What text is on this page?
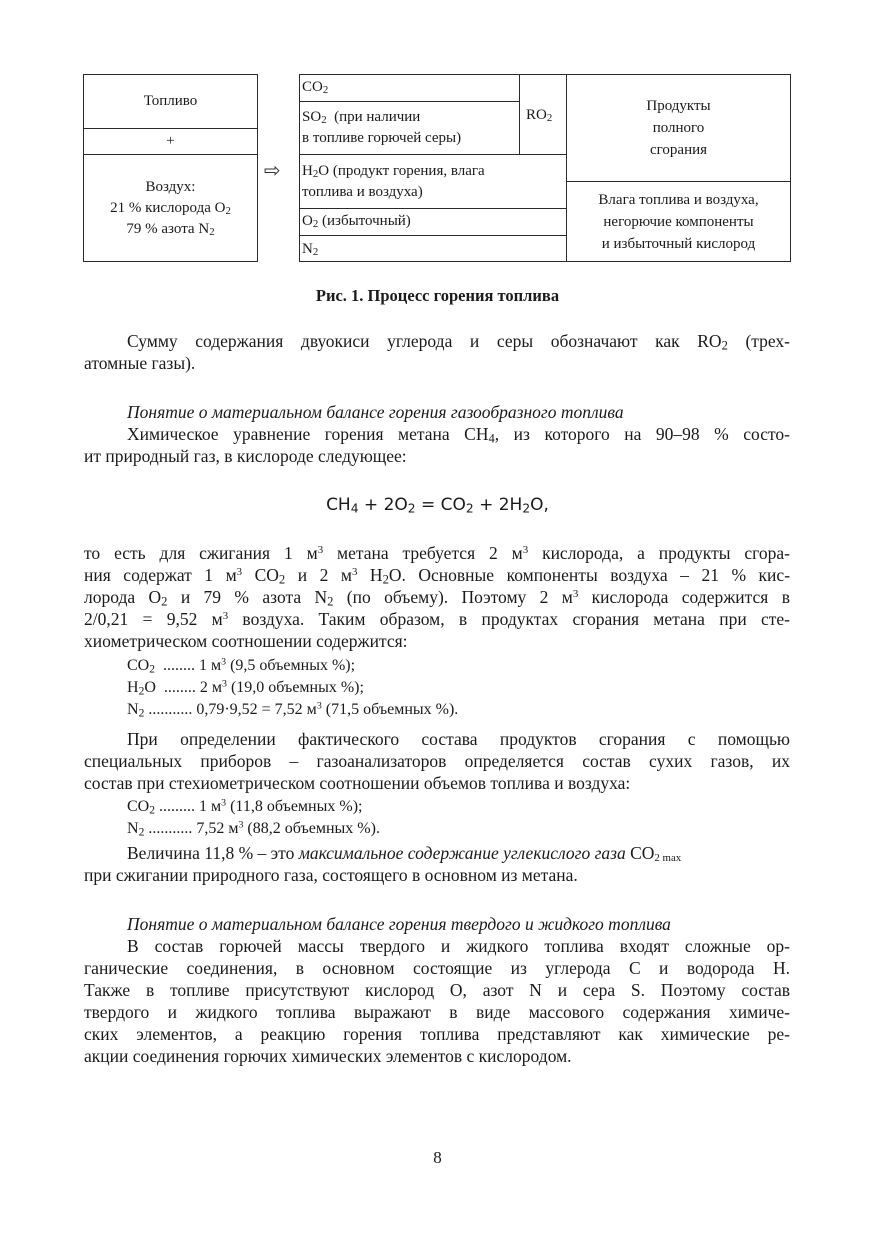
Топливо
+
Воздух:
21 % кислорода $O_2$
79 % азота $N_2$
⇨
$CO_2$
$SO_2$  (при наличии
в топливе горючей серы)
$RO_2$
$H_2O$ (продукт горения, влага
топлива и воздуха)
$O_2$ (избыточный)
$N_2$
Продукты
полного
сгорания
Влага топлива и воздуха,
негорючие компоненты
и избыточный кислород
Рис. 1. Процесс горения топлива
Сумму содержания двуокиси углерода и серы обозначают как $RO_2$ (трех-
атомные газы).
Понятие о материальном балансе горения газообразного топлива
Химическое уравнение горения метана $CH_4$, из которого на 90–98 % состо-
ит природный газ, в кислороде следующее:
$CH_4 + 2O_2 = CO_2 + 2H_2O$,
то есть для сжигания 1 $м^3$ метана требуется 2 $м^3$ кислорода, а продукты сгора-
ния содержат 1 $м^3$ $CO_2$ и 2 $м^3$ $H_2O$. Основные компоненты воздуха – 21 % кис-
лорода $O_2$ и 79 % азота $N_2$ (по объему). Поэтому 2 $м^3$ кислорода содержится в
2/0,21 = 9,52 $м^3$ воздуха. Таким образом, в продуктах сгорания метана при сте-
хиометрическом соотношении содержится:
$CO_2$  ........ 1 $м^3$ (9,5 объемных %);
$H_2O$  ........ 2 $м^3$ (19,0 объемных %);
$N_2$ ........... 0,79·9,52 = 7,52 $м^3$ (71,5 объемных %).
При определении фактического состава продуктов сгорания с помощью
специальных приборов – газоанализаторов определяется состав сухих газов, их
состав при стехиометрическом соотношении объемов топлива и воздуха:
$CO_2$ ......... 1 $м^3$ (11,8 объемных %);
$N_2$ ........... 7,52 $м^3$ (88,2 объемных %).
Величина 11,8 % – это максимальное содержание углекислого газа $CO_{2 max}$
при сжигании природного газа, состоящего в основном из метана.
Понятие о материальном балансе горения твердого и жидкого топлива
В состав горючей массы твердого и жидкого топлива входят сложные ор-
ганические соединения, в основном состоящие из углерода C и водорода H.
Также в топливе присутствуют кислород O, азот N и сера S. Поэтому состав
твердого и жидкого топлива выражают в виде массового содержания химиче-
ских элементов, а реакцию горения топлива представляют как химические ре-
акции соединения горючих химических элементов с кислородом.
8
